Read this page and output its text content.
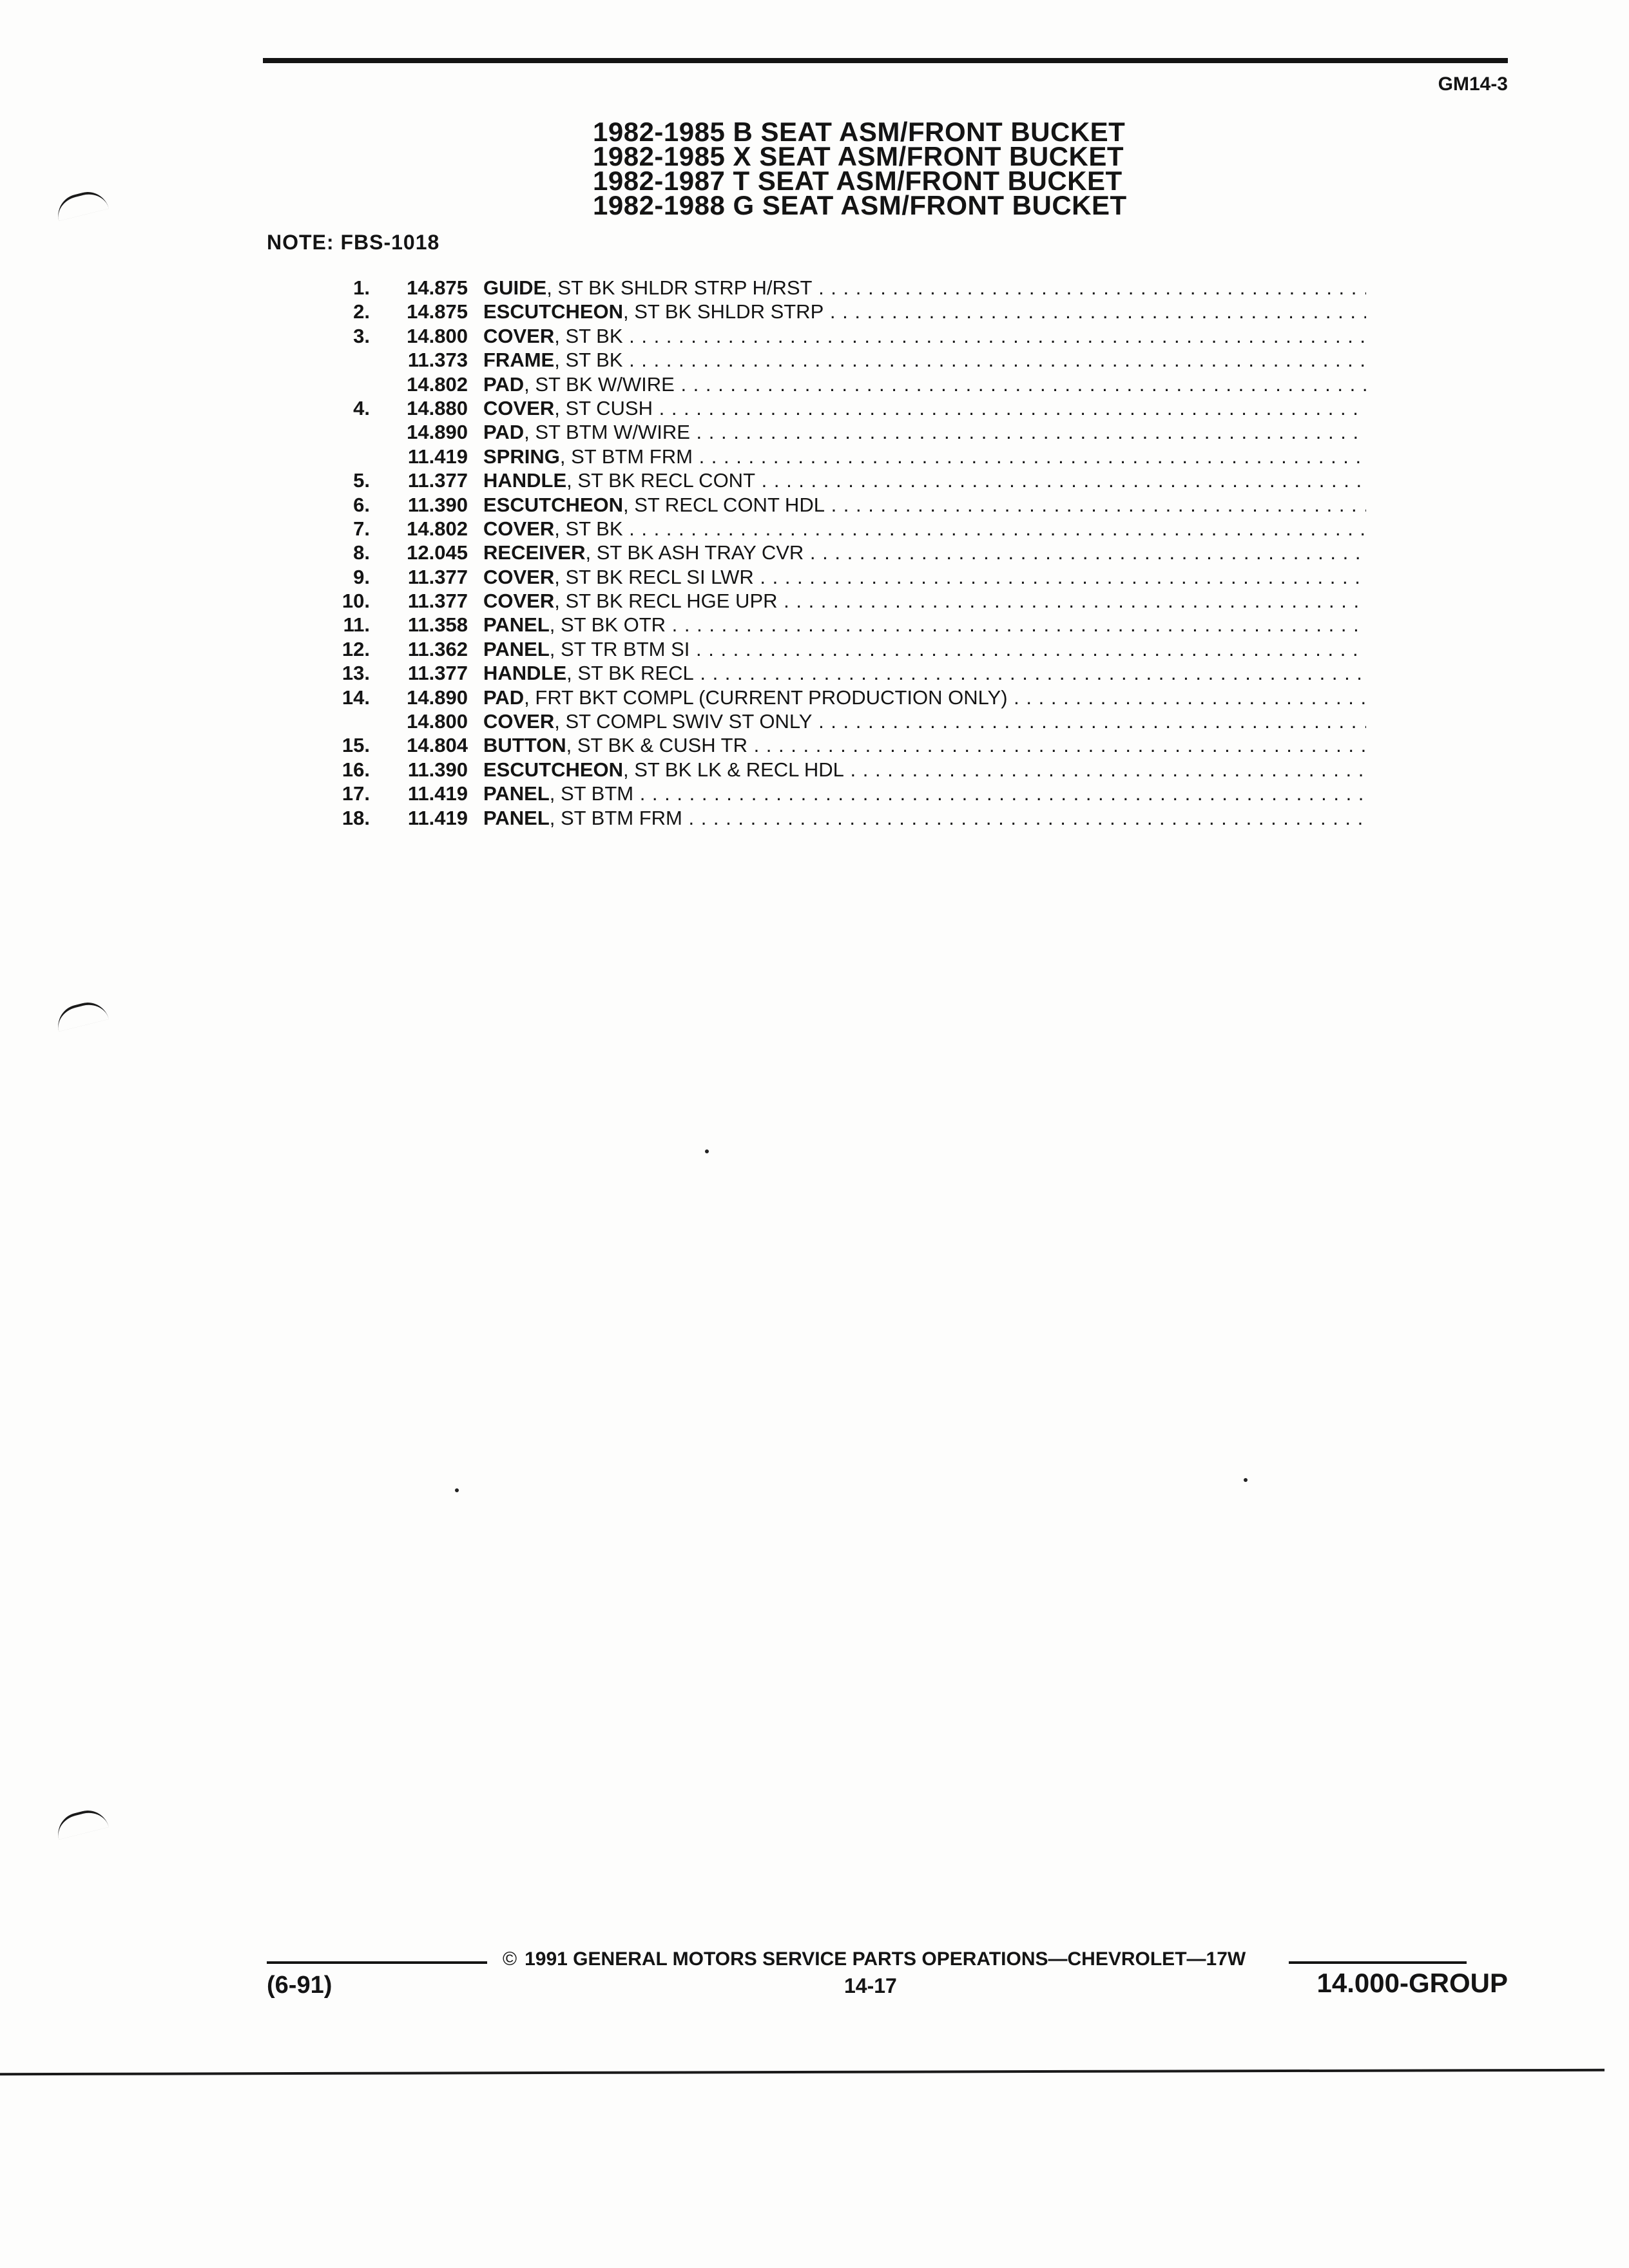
GM14-3
1982-1985 B SEAT ASM/FRONT BUCKET
1982-1985 X SEAT ASM/FRONT BUCKET
1982-1987 T SEAT ASM/FRONT BUCKET
1982-1988 G SEAT ASM/FRONT BUCKET
NOTE: FBS-1018
1.	14.875 GUIDE, ST BK SHLDR STRP H/RST . . .
2.	14.875 ESCUTCHEON, ST BK SHLDR STRP . . .
3.	14.800 COVER, ST BK . . .
11.373 FRAME, ST BK . . .
14.802 PAD, ST BK W/WIRE . . .
4.	14.880 COVER, ST CUSH . . .
14.890 PAD, ST BTM W/WIRE . . .
11.419 SPRING, ST BTM FRM . . .
5.	11.377 HANDLE, ST BK RECL CONT . . .
6.	11.390 ESCUTCHEON, ST RECL CONT HDL . . .
7.	14.802 COVER, ST BK . . .
8.	12.045 RECEIVER, ST BK ASH TRAY CVR . . .
9.	11.377 COVER, ST BK RECL SI LWR . . .
10.	11.377 COVER, ST BK RECL HGE UPR . . .
11.	11.358 PANEL, ST BK OTR . . .
12.	11.362 PANEL, ST TR BTM SI . . .
13.	11.377 HANDLE, ST BK RECL . . .
14.	14.890 PAD, FRT BKT COMPL (CURRENT PRODUCTION ONLY) . . .
14.800 COVER, ST COMPL SWIV ST ONLY . . .
15.	14.804 BUTTON, ST BK & CUSH TR . . .
16.	11.390 ESCUTCHEON, ST BK LK & RECL HDL . . .
17.	11.419 PANEL, ST BTM . . .
18.	11.419 PANEL, ST BTM FRM . . .
© 1991 GENERAL MOTORS SERVICE PARTS OPERATIONS—CHEVROLET—17W
(6-91)	14-17	14.000-GROUP
